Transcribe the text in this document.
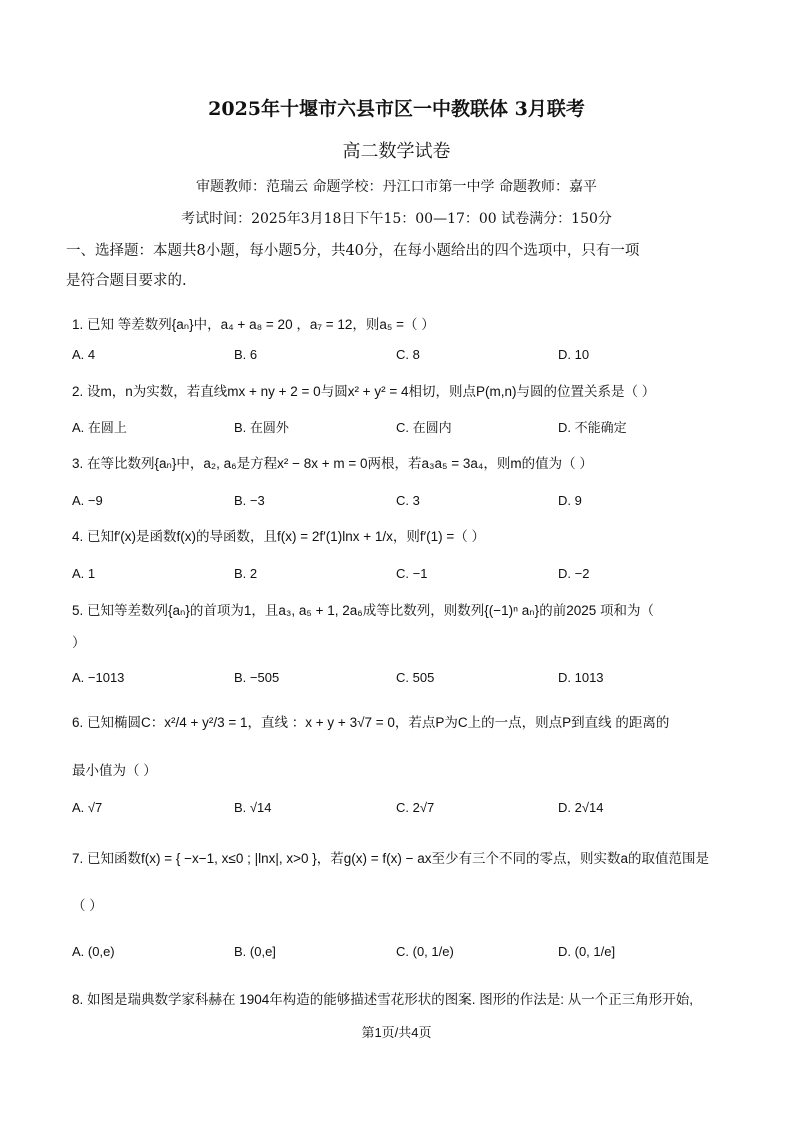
2025年十堰市六县市区一中教联体 3月联考
高二数学试卷
审题教师：范瑞云 命题学校：丹江口市第一中学 命题教师：嘉平
考试时间：2025年3月18日下午15：00—17：00 试卷满分：150分
一、选择题：本题共8小题，每小题5分，共40分，在每小题给出的四个选项中，只有一项
是符合题目要求的.
1. 已知 等差数列{aₙ}中，a₄ + a₈ = 20 ，a₇ = 12，则a₅ =（ ）
A. 4	B. 6	C. 8	D. 10
2. 设m，n为实数，若直线mx + ny + 2 = 0与圆x² + y² = 4相切，则点P(m,n)与圆的位置关系是（ ）
A. 在圆上	B. 在圆外	C. 在圆内	D. 不能确定
3. 在等比数列{aₙ}中，a₂, a₆是方程x² − 8x + m = 0两根，若a₃a₅ = 3a₄，则m的值为（ ）
A. −9	B. −3	C. 3	D. 9
4. 已知f′(x)是函数f(x)的导函数，且f(x) = 2f′(1)lnx + 1/x，则f′(1) =（ ）
A. 1	B. 2	C. −1	D. −2
5. 已知等差数列{aₙ}的首项为1，且a₃, a₅ + 1, 2a₆成等比数列，则数列{(−1)ⁿ aₙ}的前2025 项和为（
）
A. −1013	B. −505	C. 505	D. 1013
6. 已知椭圆C：x²/4 + y²/3 = 1，直线 ：x + y + 3√7 = 0，若点P为C上的一点，则点P到直线 的距离的
最小值为（ ）
A. √7	B. √14	C. 2√7	D. 2√14
7. 已知函数f(x) = { −x−1, x≤0 ; |lnx|, x>0 }，若g(x) = f(x) − ax至少有三个不同的零点，则实数a的取值范围是
（ ）
A. (0,e)	B. (0,e]	C. (0, 1/e)	D. (0, 1/e]
8. 如图是瑞典数学家科赫在 1904年构造的能够描述雪花形状的图案. 图形的作法是: 从一个正三角形开始,
第1页/共4页
